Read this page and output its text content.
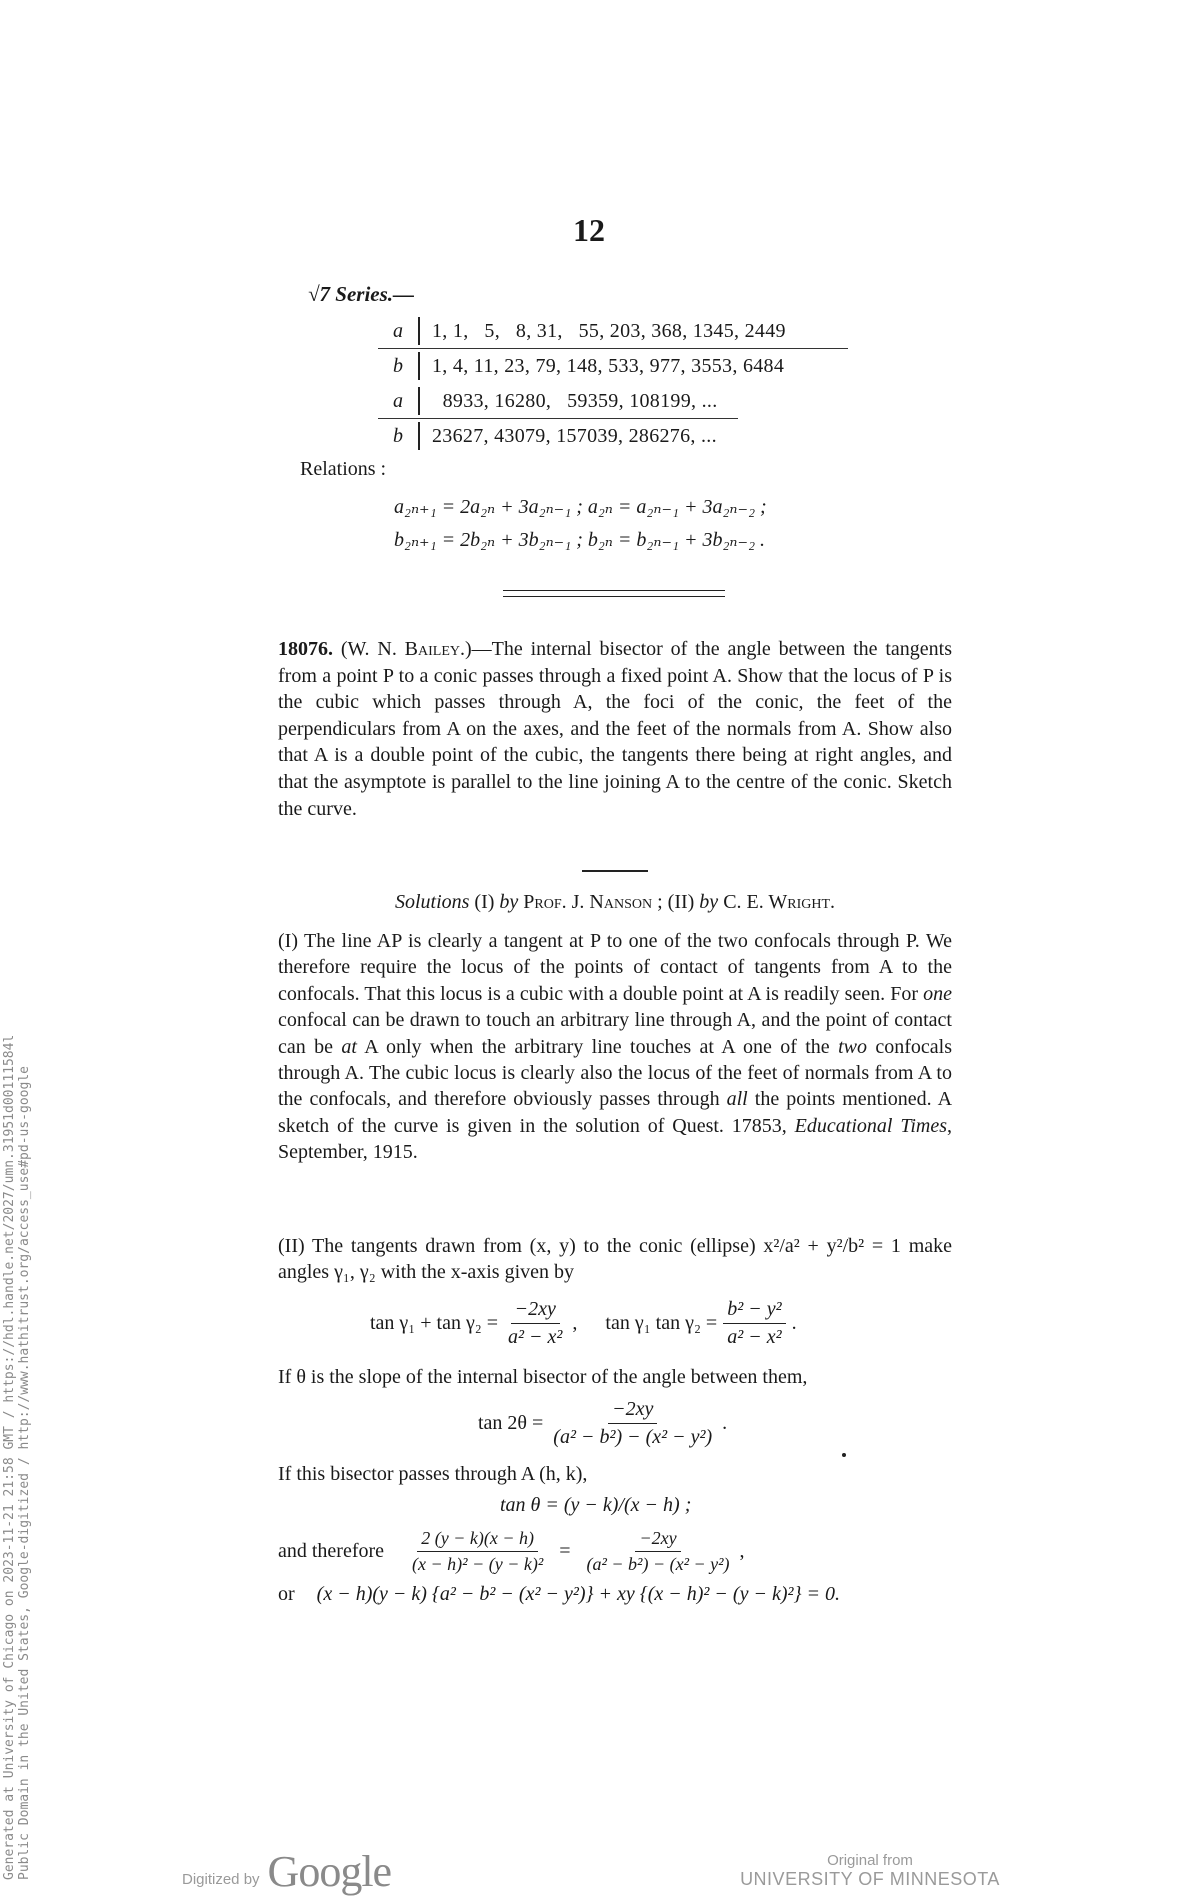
12
√7 Series.—
a	1, 1,   5,   8, 31,   55, 203, 368, 1345, 2449
b	1, 4, 11, 23, 79, 148, 533, 977, 3553, 6484
a	8933, 16280,   59359, 108199, ...
b	23627, 43079, 157039, 286276, ...
Relations :
a₂ₙ₊₁ = 2a₂ₙ + 3a₂ₙ₋₁ ; a₂ₙ = a₂ₙ₋₁ + 3a₂ₙ₋₂ ;
b₂ₙ₊₁ = 2b₂ₙ + 3b₂ₙ₋₁ ; b₂ₙ = b₂ₙ₋₁ + 3b₂ₙ₋₂ .
18076. (W. N. Bailey.)—The internal bisector of the angle between the tangents from a point P to a conic passes through a fixed point A. Show that the locus of P is the cubic which passes through A, the foci of the conic, the feet of the perpendiculars from A on the axes, and the feet of the normals from A. Show also that A is a double point of the cubic, the tangents there being at right angles, and that the asymptote is parallel to the line joining A to the centre of the conic. Sketch the curve.
Solutions (I) by Prof. J. Nanson ; (II) by C. E. Wright.
(I) The line AP is clearly a tangent at P to one of the two confocals through P. We therefore require the locus of the points of contact of tangents from A to the confocals. That this locus is a cubic with a double point at A is readily seen. For one confocal can be drawn to touch an arbitrary line through A, and the point of contact can be at A only when the arbitrary line touches at A one of the two confocals through A. The cubic locus is clearly also the locus of the feet of normals from A to the confocals, and therefore obviously passes through all the points mentioned. A sketch of the curve is given in the solution of Quest. 17853, Educational Times, September, 1915.
(II) The tangents drawn from (x, y) to the conic (ellipse) x²/a² + y²/b² = 1 make angles γ₁, γ₂ with the x-axis given by
$\tan \gamma_1 + \tan \gamma_2 = \frac{-2xy}{\text{a² − x²}}$ , tan γ₁ $\tan \gamma_2 = \frac{\text{b² − y²}}{\text{a² − x²}}$ .
If θ is the slope of the internal bisector of the angle between them,
$\tan 2\theta = \frac{-2xy}{\text{(a² − b²) − (x² − y²)}}$ .
If this bisector passes through A (h, k),
tan θ = (y − k)/(x − h) ;
and therefore $\frac{2 (y - k)(x - h)}{\text{(x − h)² − (y − k)²}} = \frac{-2xy}{\text{(a² − b²) − (x² − y²)}}$ ,
or (x − h)(y − k) {a² − b² − (x² − y²)} + xy {(x − h)² − (y − k)²} = 0.
Generated at University of Chicago on 2023-11-21 21:58 GMT / https://hdl.handle.net/2027/umn.31951d00111584l
Public Domain in the United States, Google-digitized / http://www.hathitrust.org/access_use#pd-us-google	Digitized by Google	Original from
UNIVERSITY OF MINNESOTA
